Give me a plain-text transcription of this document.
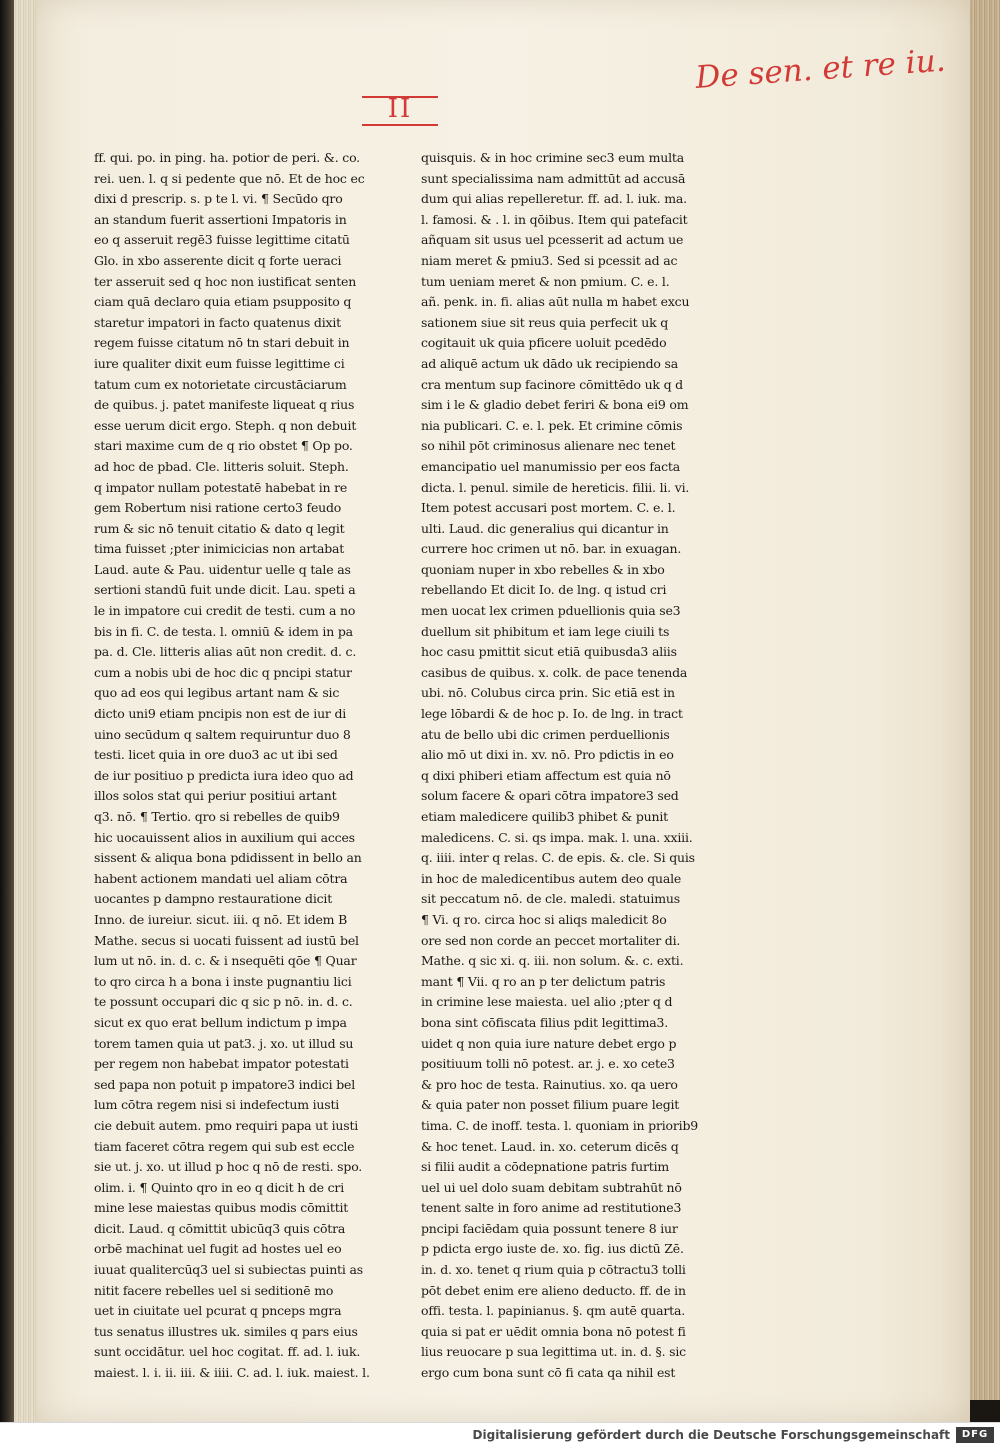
II
De sen. et re iu.
ff. qui. po. in ping. ha. potior de peri. &. co.
rei. uen. l. q si pedente que nō. Et de hoc ec
dixi d prescrip. s. p te l. vi. ¶ Secūdo qro
an standum fuerit assertioni Impatoris in
eo q asseruit regē3 fuisse legittime citatū
Glo. in xbo asserente dicit q forte ueraci
ter asseruit sed q hoc non iustificat senten
ciam quā declaro quia etiam psupposito q
staretur impatori in facto quatenus dixit
regem fuisse citatum nō tn stari debuit in
iure qualiter dixit eum fuisse legittime ci
tatum cum ex notorietate circustāciarum
de quibus. j. patet manifeste liqueat q rius
esse uerum dicit ergo. Steph. q non debuit
stari maxime cum de q rio obstet ¶ Op po.
ad hoc de pbad. Cle. litteris soluit. Steph.
q impator nullam potestatē habebat in re
gem Robertum nisi ratione certo3 feudo
rum & sic nō tenuit citatio & dato q legit
tima fuisset ;pter inimicicias non artabat
Laud. aute & Pau. uidentur uelle q tale as
sertioni standū fuit unde dicit. Lau. speti a
le in impatore cui credit de testi. cum a no
bis in fi. C. de testa. l. omniū & idem in pa
pa. d. Cle. litteris alias aūt non credit. d. c.
cum a nobis ubi de hoc dic q pncipi statur
quo ad eos qui legibus artant nam & sic
dicto uni9 etiam pncipis non est de iur di
uino secūdum q saltem requiruntur duo 8
testi. licet quia in ore duo3 ac ut ibi sed
de iur positiuo p predicta iura ideo quo ad
illos solos stat qui periur positiui artant
q3. nō. ¶ Tertio. qro si rebelles de quib9
hic uocauissent alios in auxilium qui acces
sissent & aliqua bona pdidissent in bello an
habent actionem mandati uel aliam cōtra
uocantes p dampno restauratione dicit
Inno. de iureiur. sicut. iii. q nō. Et idem B
Mathe. secus si uocati fuissent ad iustū bel
lum ut nō. in. d. c. & i nsequēti qōe ¶ Quar
to qro circa h a bona i inste pugnantiu lici
te possunt occupari dic q sic p nō. in. d. c.
sicut ex quo erat bellum indictum p impa
torem tamen quia ut pat3. j. xo. ut illud su
per regem non habebat impator potestati
sed papa non potuit p impatore3 indici bel
lum cōtra regem nisi si indefectum iusti
cie debuit autem. pmo requiri papa ut iusti
tiam faceret cōtra regem qui sub est eccle
sie ut. j. xo. ut illud p hoc q nō de resti. spo.
olim. i. ¶ Quinto qro in eo q dicit h de cri
mine lese maiestas quibus modis cōmittit
dicit. Laud. q cōmittit ubicūq3 quis cōtra
orbē machinat uel fugit ad hostes uel eo
iuuat qualitercūq3 uel si subiectas puinti as
nitit facere rebelles uel si seditionē mo
uet in ciuitate uel pcurat q pnceps mgra
tus senatus illustres uk. similes q pars eius
sunt occidātur. uel hoc cogitat. ff. ad. l. iuk.
maiest. l. i. ii. iii. & iiii. C. ad. l. iuk. maiest. l.
quisquis. & in hoc crimine sec3 eum multa
sunt specialissima nam admittūt ad accusā
dum qui alias repelleretur. ff. ad. l. iuk. ma.
l. famosi. & . l. in qōibus. Item qui patefacit
añquam sit usus uel pcesserit ad actum ue
niam meret & pmiu3. Sed si pcessit ad ac
tum ueniam meret & non pmium. C. e. l.
añ. penk. in. fi. alias aūt nulla m habet excu
sationem siue sit reus quia perfecit uk q
cogitauit uk quia pficere uoluit pcedēdo
ad aliquē actum uk dādo uk recipiendo sa
cra mentum sup facinore cōmittēdo uk q d
sim i le & gladio debet feriri & bona ei9 om
nia publicari. C. e. l. pek. Et crimine cōmis
so nihil pōt criminosus alienare nec tenet
emancipatio uel manumissio per eos facta
dicta. l. penul. simile de hereticis. filii. li. vi.
Item potest accusari post mortem. C. e. l.
ulti. Laud. dic generalius qui dicantur in
currere hoc crimen ut nō. bar. in exuagan.
quoniam nuper in xbo rebelles & in xbo
rebellando Et dicit Io. de lng. q istud cri
men uocat lex crimen pduellionis quia se3
duellum sit phibitum et iam lege ciuili ts
hoc casu pmittit sicut etiā quibusda3 aliis
casibus de quibus. x. colk. de pace tenenda
ubi. nō. Colubus circa prin. Sic etiā est in
lege lōbardi & de hoc p. Io. de lng. in tract
atu de bello ubi dic crimen perduellionis
alio mō ut dixi in. xv. nō. Pro pdictis in eo
q dixi phiberi etiam affectum est quia nō
solum facere & opari cōtra impatore3 sed
etiam maledicere quilib3 phibet & punit
maledicens. C. si. qs impa. mak. l. una. xxiii.
q. iiii. inter q relas. C. de epis. &. cle. Si quis
in hoc de maledicentibus autem deo quale
sit peccatum nō. de cle. maledi. statuimus
¶ Vi. q ro. circa hoc si aliqs maledicit 8o
ore sed non corde an peccet mortaliter di.
Mathe. q sic xi. q. iii. non solum. &. c. exti.
mant ¶ Vii. q ro an p ter delictum patris
in crimine lese maiesta. uel alio ;pter q d
bona sint cōfiscata filius pdit legittima3.
uidet q non quia iure nature debet ergo p
positiuum tolli nō potest. ar. j. e. xo cete3
& pro hoc de testa. Rainutius. xo. qa uero
& quia pater non posset filium puare legit
tima. C. de inoff. testa. l. quoniam in priorib9
& hoc tenet. Laud. in. xo. ceterum dicēs q
si filii audit a cōdepnatione patris furtim
uel ui uel dolo suam debitam subtrahūt nō
tenent salte in foro anime ad restitutione3
pncipi faciēdam quia possunt tenere 8 iur
p pdicta ergo iuste de. xo. fig. ius dictū Zē.
in. d. xo. tenet q rium quia p cōtractu3 tolli
pōt debet enim ere alieno deducto. ff. de in
offi. testa. l. papinianus. §. qm autē quarta.
quia si pat er uēdit omnia bona nō potest fi
lius reuocare p sua legittima ut. in. d. §. sic
ergo cum bona sunt cō fi cata qa nihil est
Digitalisierung gefördert durch die Deutsche Forschungsgemeinschaft	DFG
